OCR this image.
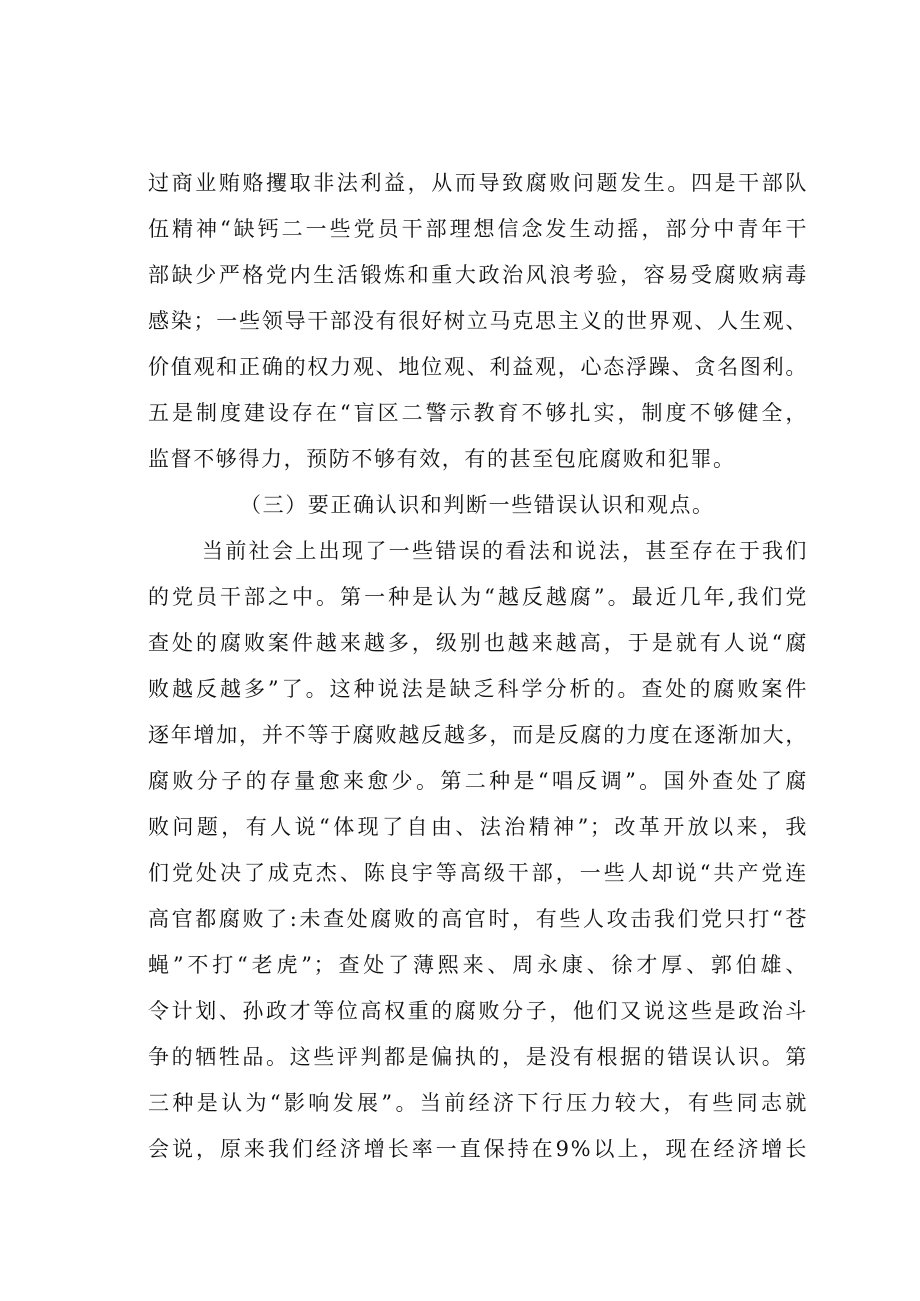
过商业贿赂攫取非法利益，从而导致腐败问题发生。四是干部队
伍精神“缺钙二一些党员干部理想信念发生动摇，部分中青年干
部缺少严格党内生活锻炼和重大政治风浪考验，容易受腐败病毒
感染；一些领导干部没有很好树立马克思主义的世界观、人生观、
价值观和正确的权力观、地位观、利益观，心态浮躁、贪名图利。
五是制度建设存在“盲区二警示教育不够扎实，制度不够健全，
监督不够得力，预防不够有效，有的甚至包庇腐败和犯罪。
（三）要正确认识和判断一些错误认识和观点。
当前社会上出现了一些错误的看法和说法，甚至存在于我们
的党员干部之中。第一种是认为“越反越腐”。最近几年,我们党
查处的腐败案件越来越多，级别也越来越高，于是就有人说“腐
败越反越多”了。这种说法是缺乏科学分析的。查处的腐败案件
逐年增加，并不等于腐败越反越多，而是反腐的力度在逐渐加大，
腐败分子的存量愈来愈少。第二种是“唱反调”。国外查处了腐
败问题，有人说“体现了自由、法治精神”；改革开放以来，我
们党处决了成克杰、陈良宇等高级干部，一些人却说“共产党连
高官都腐败了:未查处腐败的高官时，有些人攻击我们党只打“苍
蝇”不打“老虎”；查处了薄熙来、周永康、徐才厚、郭伯雄、
令计划、孙政才等位高权重的腐败分子，他们又说这些是政治斗
争的牺牲品。这些评判都是偏执的，是没有根据的错误认识。第
三种是认为“影响发展”。当前经济下行压力较大，有些同志就
会说，原来我们经济增长率一直保持在9%以上，现在经济增长
